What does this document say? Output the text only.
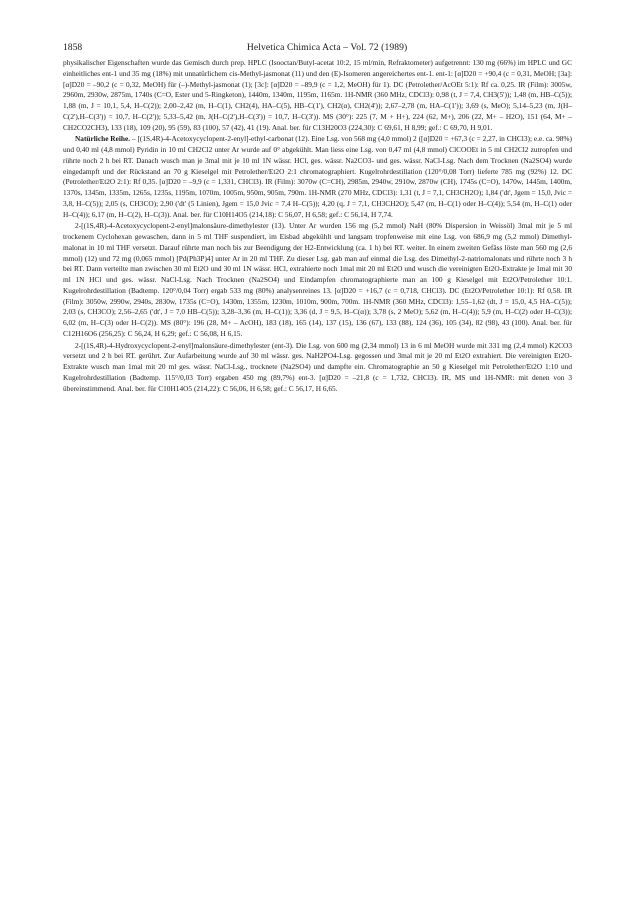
1858	Helvetica Chimica Acta – Vol. 72 (1989)

physikalischer Eigenschaften wurde das Gemisch durch prep. HPLC (Isooctan/Butyl-acetat 10:2, 15 ml/min, Refraktometer) aufgetrennt: 130 mg (66%) im HPLC und GC einheitliches ent-1 und 35 mg (18%) mit unnatürlichem cis-Methyl-jasmonat (11) und den (E)-Isomeren angereichertes ent-1. ent-1: [α]D20 = +90,4 (c = 0,31, MeOH; [3a]: [α]D20 = –90,2 (c = 0,32, MeOH) für (–)-Methyl-jasmonat (1); [3c]: [α]D20 = –89,9 (c = 1,2, MeOH) für 1). DC (Petrolether/AcOEt 5:1): Rf ca. 0,25. IR (Film): 3005w, 2960m, 2930w, 2875m, 1740s (C=O, Ester und 5-Ringketon), 1440m, 1340m, 1195m, 1165m. 1H-NMR (360 MHz, CDCl3): 0,98 (t, J = 7,4, CH3(5')); 1,48 (m, HB–C(5)); 1,88 (m, J = 10,1, 5,4, H–C(2)); 2,00–2,42 (m, H–C(1), CH2(4), HA–C(5), HB–C(1'), CH2(α), CH2(4')); 2,67–2,78 (m, HA–C(1')); 3,69 (s, MeO); 5,14–5,23 (m, J(H–C(2'),H–C(3')) = 10,7, H–C(2')); 5,33–5,42 (m, J(H–C(2'),H–C(3')) = 10,7, H–C(3')). MS (30°): 225 (7, M + H+), 224 (62, M+), 206 (22, M+ – H2O), 151 (64, M+ – CH2CO2CH3), 133 (18), 109 (20), 95 (59), 83 (100), 57 (42), 41 (19). Anal. ber. für C13H20O3 (224,30): C 69,61, H 8,99; gef.: C 69,70, H 9,01.

Natürliche Reihe. – [(1S,4R)-4-Acetoxycyclopent-2-enyl]-ethyl-carbonat (12). Eine Lsg. von 568 mg (4,0 mmol) 2 ([α]D20 = +67,3 (c = 2,27, in CHCl3); e.e. ca. 98%) und 0,40 ml (4,8 mmol) Pyridin in 10 ml CH2Cl2 unter Ar wurde auf 0° abgekühlt. Man liess eine Lsg. von 0,47 ml (4,8 mmol) ClCOOEt in 5 ml CH2Cl2 zutropfen und rührte noch 2 h bei RT. Danach wusch man je 3mal mit je 10 ml 1N wässr. HCl, ges. wässr. Na2CO3- und ges. wässr. NaCl-Lsg. Nach dem Trocknen (Na2SO4) wurde eingedampft und der Rückstand an 70 g Kieselgel mit Petrolether/Et2O 2:1 chromatographiert. Kugelrohrdestillation (120°/0,08 Torr) lieferte 785 mg (92%) 12. DC (Petrolether/Et2O 2:1): Rf 0,35. [α]D20 = –9,9 (c = 1,331, CHCl3). IR (Film): 3070w (C=CH), 2985m, 2940w, 2910w, 2870w (CH), 1745s (C=O), 1470w, 1445m, 1400m, 1370s, 1345m, 1335m, 1265s, 1235s, 1195m, 1070m, 1005m, 950m, 905m, 790m. 1H-NMR (270 MHz, CDCl3): 1,31 (t, J = 7,1, CH3CH2O); 1,84 ('dt', Jgem = 15,0, Jvic = 3,8, H–C(5)); 2,05 (s, CH3CO); 2,90 ('dt' (5 Linien), Jgem = 15,0 Jvic = 7,4 H–C(5)); 4,20 (q, J = 7,1, CH3CH2O); 5,47 (m, H–C(1) oder H–C(4)); 5,54 (m, H–C(1) oder H–C(4)); 6,17 (m, H–C(2), H–C(3)). Anal. ber. für C10H14O5 (214,18): C 56,07, H 6,58; gef.: C 56,14, H 7,74.

2-[(1S,4R)-4-Acetoxycyclopent-2-enyl]malonsäure-dimethylester (13). Unter Ar wurden 156 mg (5,2 mmol) NaH (80% Dispersion in Weissöl) 3mal mit je 5 ml trockenem Cyclohexan gewaschen, dann in 5 ml THF suspendiert, im Eisbad abgekühlt und langsam tropfenweise mit eine Lsg. von 686,9 mg (5,2 mmol) Dimethyl-malonat in 10 ml THF versetzt. Darauf rührte man noch bis zur Beendigung der H2-Entwicklung (ca. 1 h) bei RT. weiter. In einem zweiten Gefäss löste man 560 mg (2,6 mmol) (12) und 72 mg (0,065 mmol) [Pd(Ph3P)4] unter Ar in 20 ml THF. Zu dieser Lsg. gab man auf einmal die Lsg. des Dimethyl-2-natriomalonats und rührte noch 3 h bei RT. Dann verteilte man zwischen 30 ml Et2O und 30 ml 1N wässr. HCl, extrahierte noch 1mal mit 20 ml Et2O und wusch die vereinigten Et2O-Extrakte je 1mal mit 30 ml 1N HCl und ges. wässr. NaCl-Lsg. Nach Trocknen (Na2SO4) und Eindampfen chromatographierte man an 100 g Kieselgel mit Et2O/Petrolether 10:1. Kugelrohrdestillation (Badtemp. 120°/0,04 Torr) ergab 533 mg (80%) analysenreines 13. [α]D20 = +16,7 (c = 0,718, CHCl3). DC (Et2O/Petrolether 10:1): Rf 0,58. IR (Film): 3050w, 2990w, 2940s, 2830w, 1735s (C=O), 1430m, 1355m, 1230m, 1010m, 900m, 700m. 1H-NMR (360 MHz, CDCl3): 1,55–1,62 (dt, J = 15,0, 4,5 HA–C(5)); 2,03 (s, CH3CO); 2,56–2,65 ('dt', J = 7,0 HB–C(5)); 3,28–3,36 (m, H–C(1)); 3,36 (d, J = 9,5, H–C(α)); 3,78 (s, 2 MeO); 5,62 (m, H–C(4)); 5,9 (m, H–C(2) oder H–C(3)); 6,02 (m, H–C(3) oder H–C(2)). MS (80°): 196 (28, M+ – AcOH), 183 (18), 165 (14), 137 (15), 136 (67), 133 (88), 124 (36), 105 (34), 82 (98), 43 (100). Anal. ber. für C12H16O6 (256,25): C 56,24, H 6,29; gef.: C 56,08, H 6,15.

2-[(1S,4R)-4-Hydroxycyclopent-2-enyl]malonsäure-dimethylester (ent-3). Die Lsg. von 600 mg (2,34 mmol) 13 in 6 ml MeOH wurde mit 331 mg (2,4 mmol) K2CO3 versetzt und 2 h bei RT. gerührt. Zur Aufarbeitung wurde auf 30 ml wässr. ges. NaH2PO4-Lsg. gegossen und 3mal mit je 20 ml Et2O extrahiert. Die vereinigten Et2O-Extrakte wusch man 1mal mit 20 ml ges. wässr. NaCl-Lsg., trocknete (Na2SO4) und dampfte ein. Chromatographie an 50 g Kieselgel mit Petrolether/Et2O 1:10 und Kugelrohrdestillation (Badtemp. 115°/0,03 Torr) ergaben 450 mg (89,7%) ent-3. [α]D20 = –21,8 (c = 1,732, CHCl3). IR, MS und 1H-NMR: mit denen von 3 übereinstimmend. Anal. ber. für C10H14O5 (214,22): C 56,06, H 6,58; gef.: C 56,17, H 6,65.
